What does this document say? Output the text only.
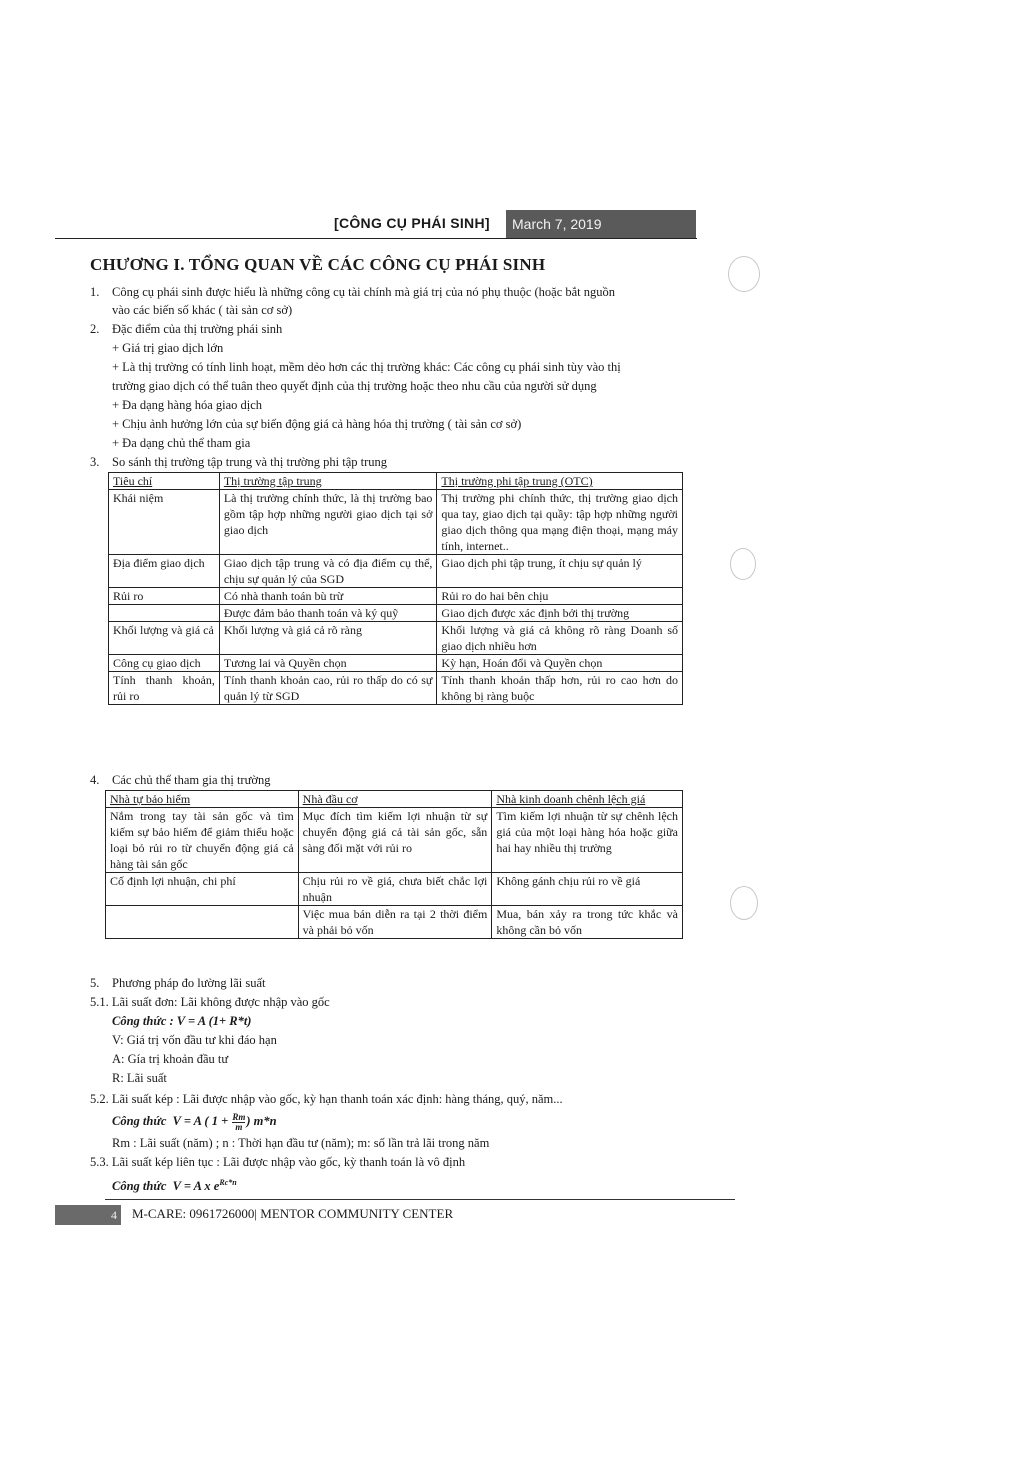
[CÔNG CỤ PHÁI SINH]	March 7, 2019
CHƯƠNG I. TỔNG QUAN VỀ CÁC CÔNG CỤ PHÁI SINH
1. Công cụ phái sinh được hiểu là những công cụ tài chính mà giá trị của nó phụ thuộc (hoặc bắt nguồn
vào các biến số khác ( tài sản cơ sở)
2. Đặc điểm của thị trường phái sinh
+ Giá trị giao dịch lớn
+ Là thị trường có tính linh hoạt, mềm dẻo hơn các thị trường khác: Các công cụ phái sinh tùy vào thị
trường giao dịch có thể tuân theo quyết định của thị trường hoặc theo nhu cầu của người sử dụng
+ Đa dạng hàng hóa giao dịch
+ Chịu ảnh hưởng lớn của sự biến động giá cả hàng hóa thị trường ( tài sản cơ sở)
+ Đa dạng chủ thể tham gia
3. So sánh thị trường tập trung và thị trường phi tập trung
Tiêu chí	Thị trường tập trung	Thị trường phi tập trung (OTC)
Khái niệm	Là thị trường chính thức, là thị trường bao gồm tập hợp những người giao dịch tại sở giao dịch	Thị trường phi chính thức, thị trường giao dịch qua tay, giao dịch tại quầy: tập hợp những người giao dịch thông qua mạng điện thoại, mạng máy tính, internet..
Địa điểm giao dịch	Giao dịch tập trung và có địa điểm cụ thể, chịu sự quản lý của SGD	Giao dịch phi tập trung, ít chịu sự quản lý
Rủi ro	Có nhà thanh toán bù trừ	Rủi ro do hai bên chịu
	Được đảm bảo thanh toán và ký quỹ	Giao dịch được xác định bởi thị trường
Khối lượng và giá cả	Khối lượng và giá cả rõ ràng	Khối lượng và giá cả không rõ ràng Doanh số giao dịch nhiều hơn
Công cụ giao dịch	Tương lai và Quyền chọn	Kỳ hạn, Hoán đổi và Quyền chọn
Tính thanh khoản, rủi ro	Tính thanh khoản cao, rủi ro thấp do có sự quản lý từ SGD	Tính thanh khoản thấp hơn, rủi ro cao hơn do không bị ràng buộc
4. Các chủ thể tham gia thị trường
Nhà tự bảo hiểm	Nhà đầu cơ	Nhà kinh doanh chênh lệch giá
Nắm trong tay tài sản gốc và tìm kiếm sự bảo hiểm để giảm thiểu hoặc loại bỏ rủi ro từ chuyển động giá cả hàng tài sản gốc	Mục đích tìm kiếm lợi nhuận từ sự chuyển động giá cả tài sản gốc, sẵn sàng đối mặt với rủi ro	Tìm kiếm lợi nhuận từ sự chênh lệch giá của một loại hàng hóa hoặc giữa hai hay nhiều thị trường
Cố định lợi nhuận, chi phí	Chịu rủi ro về giá, chưa biết chắc lợi nhuận	Không gánh chịu rủi ro về giá
	Việc mua bán diễn ra tại 2 thời điểm và phải bỏ vốn	Mua, bán xảy ra trong tức khắc và không cần bỏ vốn
5. Phương pháp đo lường lãi suất
5.1. Lãi suất đơn: Lãi không được nhập vào gốc
Công thức : V = A (1+ R*t)
V: Giá trị vốn đầu tư khi đáo hạn
A: Gía trị khoản đầu tư
R: Lãi suất
5.2. Lãi suất kép : Lãi được nhập vào gốc, kỳ hạn thanh toán xác định: hàng tháng, quý, năm...
Công thức V = A ( $1 + \frac{Rm}{m}$ ) m*n
Rm : Lãi suất (năm) ; n : Thời hạn đầu tư (năm); m: số lần trả lãi trong năm
5.3. Lãi suất kép liên tục : Lãi được nhập vào gốc, kỳ thanh toán là vô định
Công thức V = A x $e^{Rc*n}$
4	M-CARE: 0961726000| MENTOR COMMUNITY CENTER
